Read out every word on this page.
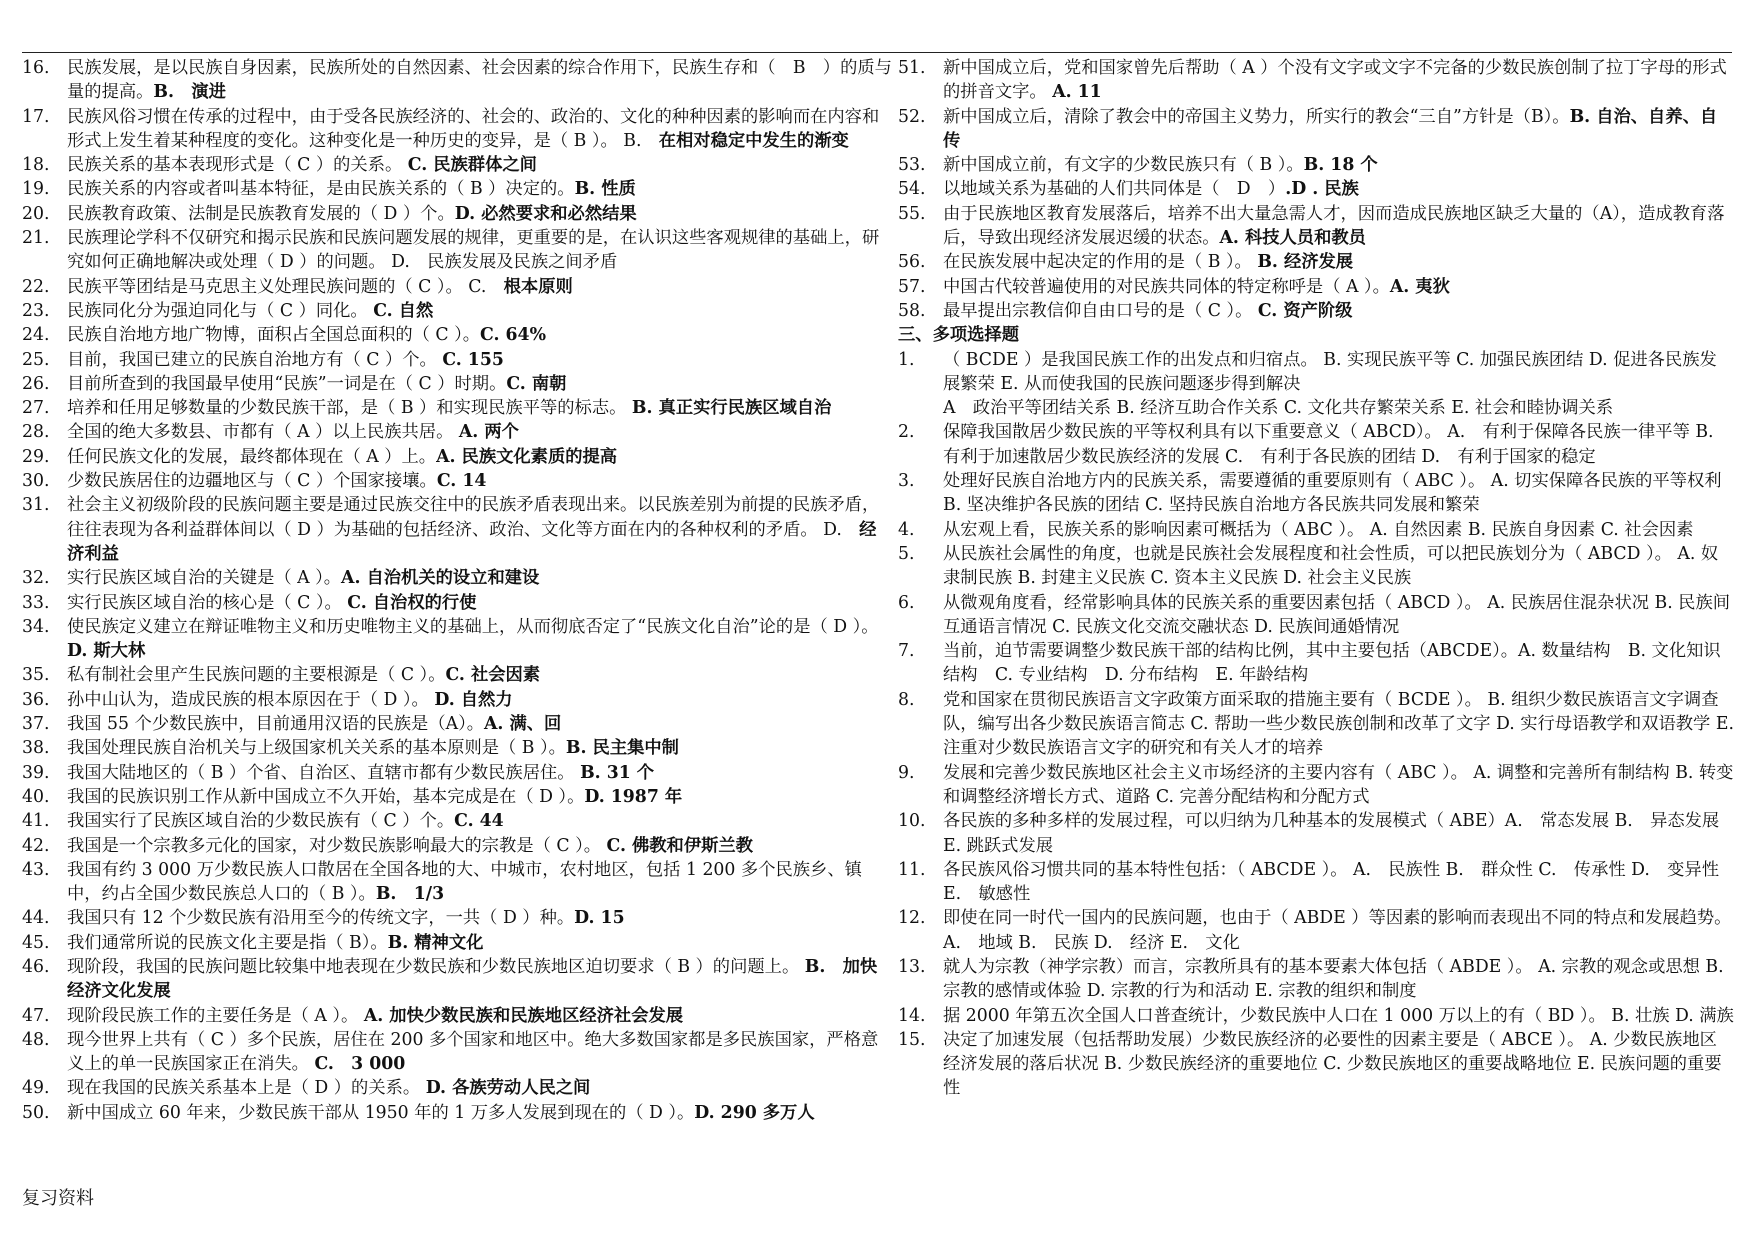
16.	民族发展，是以民族自身因素，民族所处的自然因素、社会因素的综合作用下，民族生存和（　B　）的质与量的提高。B.　演进
17.	民族风俗习惯在传承的过程中，由于受各民族经济的、社会的、政治的、文化的种种因素的影响而在内容和形式上发生着某种程度的变化。这种变化是一种历史的变异，是（ B ）。 B.　在相对稳定中发生的渐变
18.	民族关系的基本表现形式是（ C ）的关系。 C. 民族群体之间
19.	民族关系的内容或者叫基本特征，是由民族关系的（ B ）决定的。B. 性质
20.	民族教育政策、法制是民族教育发展的（ D ）个。D. 必然要求和必然结果
21.	民族理论学科不仅研究和揭示民族和民族问题发展的规律，更重要的是，在认识这些客观规律的基础上，研究如何正确地解决或处理（ D ）的问题。 D.　民族发展及民族之间矛盾
22.	民族平等团结是马克思主义处理民族问题的（ C ）。 C.　根本原则
23.	民族同化分为强迫同化与（ C ）同化。 C. 自然
24.	民族自治地方地广物博，面积占全国总面积的（ C ）。C. 64%
25.	目前，我国已建立的民族自治地方有（ C ）个。 C. 155
26.	目前所查到的我国最早使用“民族”一词是在（ C ）时期。C. 南朝
27.	培养和任用足够数量的少数民族干部，是（ B ）和实现民族平等的标志。 B. 真正实行民族区域自治
28.	全国的绝大多数县、市都有（ A ）以上民族共居。 A. 两个
29.	任何民族文化的发展，最终都体现在（ A ）上。A. 民族文化素质的提高
30.	少数民族居住的边疆地区与（ C ）个国家接壤。C. 14
31.	社会主义初级阶段的民族问题主要是通过民族交往中的民族矛盾表现出来。以民族差别为前提的民族矛盾，往往表现为各利益群体间以（ D ）为基础的包括经济、政治、文化等方面在内的各种权利的矛盾。 D.　经济利益
32.	实行民族区域自治的关键是（ A ）。A. 自治机关的设立和建设
33.	实行民族区域自治的核心是（ C ）。 C. 自治权的行使
34.	使民族定义建立在辩证唯物主义和历史唯物主义的基础上，从而彻底否定了“民族文化自治”论的是（ D ）。 D. 斯大林
35.	私有制社会里产生民族问题的主要根源是（ C ）。C. 社会因素
36.	孙中山认为，造成民族的根本原因在于（ D ）。 D. 自然力
37.	我国 55 个少数民族中，目前通用汉语的民族是（A）。A. 满、回
38.	我国处理民族自治机关与上级国家机关关系的基本原则是（ B ）。B. 民主集中制
39.	我国大陆地区的（ B ）个省、自治区、直辖市都有少数民族居住。 B. 31 个
40.	我国的民族识别工作从新中国成立不久开始，基本完成是在（ D ）。D. 1987 年
41.	我国实行了民族区域自治的少数民族有（ C ）个。C. 44
42.	我国是一个宗教多元化的国家，对少数民族影响最大的宗教是（ C ）。 C. 佛教和伊斯兰教
43.	我国有约 3 000 万少数民族人口散居在全国各地的大、中城市，农村地区，包括 1 200 多个民族乡、镇中，约占全国少数民族总人口的（ B ）。B.　1/3
44.	我国只有 12 个少数民族有沿用至今的传统文字，一共（ D ）种。D. 15
45.	我们通常所说的民族文化主要是指（ B）。B. 精神文化
46.	现阶段，我国的民族问题比较集中地表现在少数民族和少数民族地区迫切要求（ B ）的问题上。 B.　加快经济文化发展
47.	现阶段民族工作的主要任务是（ A ）。 A. 加快少数民族和民族地区经济社会发展
48.	现今世界上共有（ C ）多个民族，居住在 200 多个国家和地区中。绝大多数国家都是多民族国家，严格意义上的单一民族国家正在消失。 C.　3 000
49.	现在我国的民族关系基本上是（ D ）的关系。 D. 各族劳动人民之间
50.	新中国成立 60 年来，少数民族干部从 1950 年的 1 万多人发展到现在的（ D ）。D. 290 多万人
51.	新中国成立后，党和国家曾先后帮助（ A ）个没有文字或文字不完备的少数民族创制了拉丁字母的形式的拼音文字。 A. 11
52.	新中国成立后，清除了教会中的帝国主义势力，所实行的教会“三自”方针是（B）。B. 自治、自养、自传
53.	新中国成立前，有文字的少数民族只有（ B ）。B. 18 个
54.	以地域关系为基础的人们共同体是（　D　）.D . 民族
55.	由于民族地区教育发展落后，培养不出大量急需人才，因而造成民族地区缺乏大量的（A），造成教育落后，导致出现经济发展迟缓的状态。A. 科技人员和教员
56.	在民族发展中起决定的作用的是（ B ）。 B. 经济发展
57.	中国古代较普遍使用的对民族共同体的特定称呼是（ A ）。A. 夷狄
58.	最早提出宗教信仰自由口号的是（ C ）。 C. 资产阶级
三、多项选择题
1.	（ BCDE ）是我国民族工作的出发点和归宿点。 B. 实现民族平等 C. 加强民族团结 D. 促进各民族发展繁荣 E. 从而使我国的民族问题逐步得到解决
A　政治平等团结关系 B. 经济互助合作关系 C. 文化共存繁荣关系 E. 社会和睦协调关系
2.	保障我国散居少数民族的平等权利具有以下重要意义（ ABCD）。 A.　有利于保障各民族一律平等 B.　有利于加速散居少数民族经济的发展 C.　有利于各民族的团结 D.　有利于国家的稳定
3.	处理好民族自治地方内的民族关系，需要遵循的重要原则有（ ABC ）。 A. 切实保障各民族的平等权利 B. 坚决维护各民族的团结 C. 坚持民族自治地方各民族共同发展和繁荣
4.	从宏观上看，民族关系的影响因素可概括为（ ABC ）。 A. 自然因素 B. 民族自身因素 C. 社会因素
5.	从民族社会属性的角度，也就是民族社会发展程度和社会性质，可以把民族划分为（ ABCD ）。 A. 奴隶制民族 B. 封建主义民族 C. 资本主义民族 D. 社会主义民族
6.	从微观角度看，经常影响具体的民族关系的重要因素包括（ ABCD ）。 A. 民族居住混杂状况 B. 民族间互通语言情况 C. 民族文化交流交融状态 D. 民族间通婚情况
7.	当前，迫节需要调整少数民族干部的结构比例，其中主要包括（ABCDE）。A. 数量结构　B. 文化知识结构　C. 专业结构　D. 分布结构　E. 年龄结构
8.	党和国家在贯彻民族语言文字政策方面采取的措施主要有（ BCDE ）。 B. 组织少数民族语言文字调查队，编写出各少数民族语言简志 C. 帮助一些少数民族创制和改革了文字 D. 实行母语教学和双语教学 E. 注重对少数民族语言文字的研究和有关人才的培养
9.	发展和完善少数民族地区社会主义市场经济的主要内容有（ ABC ）。 A. 调整和完善所有制结构 B. 转变和调整经济增长方式、道路 C. 完善分配结构和分配方式
10.	各民族的多种多样的发展过程，可以归纳为几种基本的发展模式（ ABE）A.　常态发展 B.　异态发展 E. 跳跃式发展
11.	各民族风俗习惯共同的基本特性包括：（ ABCDE ）。 A.　民族性 B.　群众性 C.　传承性 D.　变异性 E.　敏感性
12.	即使在同一时代一国内的民族问题，也由于（ ABDE ）等因素的影响而表现出不同的特点和发展趋势。 A.　地域 B.　民族 D.　经济 E.　文化
13.	就人为宗教（神学宗教）而言，宗教所具有的基本要素大体包括（ ABDE ）。 A. 宗教的观念或思想 B. 宗教的感情或体验 D. 宗教的行为和活动 E. 宗教的组织和制度
14.	据 2000 年第五次全国人口普查统计，少数民族中人口在 1 000 万以上的有（ BD ）。 B. 壮族 D. 满族
15.	决定了加速发展（包括帮助发展）少数民族经济的必要性的因素主要是（ ABCE ）。 A. 少数民族地区经济发展的落后状况 B. 少数民族经济的重要地位 C. 少数民族地区的重要战略地位 E. 民族问题的重要性
复习资料
